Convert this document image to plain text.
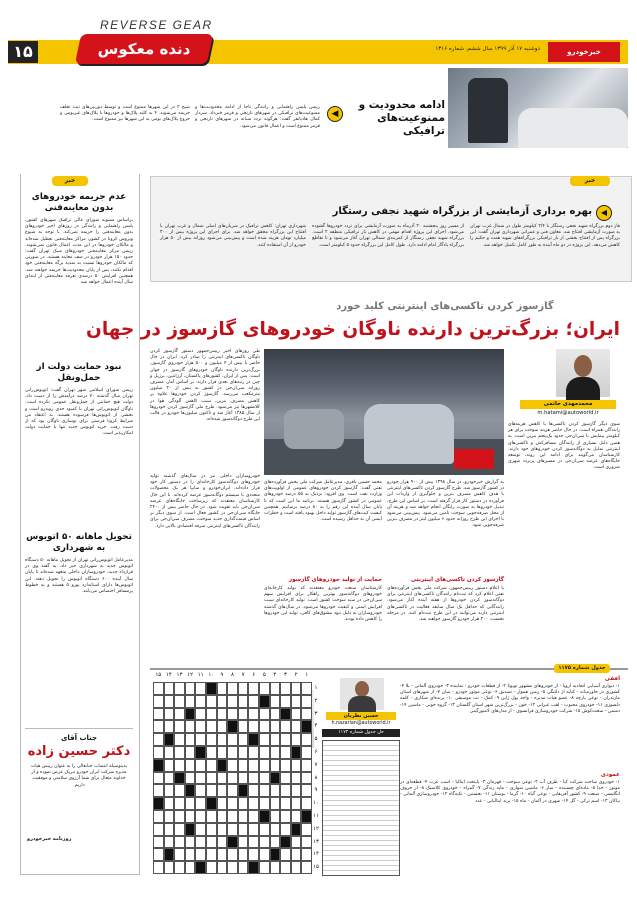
REVERSE GEAR
دنده معکوس
۱۵	دوشنبه ۱۷ آذر ۱۳۹۹ سال ششم. شماره ۱۳۱۶	خبرخودرو
◀
ادامه محدودیت و
ممنوعیت‌های ترافیکی
رییس پلیس راهنمایی و رانندگی ناجا از ادامه محدودیت‌ها و ممنوعیت‌های ترافیکی در شهرهای نارنجی و قرمز خبرداد. سردار کمال هادیانفر گفت: هرگونه تردد شبانه در شهرهای نارنجی و قرمز ممنوع است و اعمال قانون می‌شود.
صبح ۲ در این شهرها ممنوع است و توسط دوربین‌های ثبت تخلف جریمه می‌شوند. ۴ به کلیه پلاک‌ها و خودروها با پلاک‌های غیربومی و خروج پلاک‌های بومی به این شهرها نیز ممنوع است.
خبر
عدم جریمه خودروهای بدون معاینه‌فنی
براساس مصوبه شورای عالی ترافیک شهرهای کشور، پلیس راهنمایی و رانندگی در روزهای اخیر خودروهای بدون معاینه‌فنی را جریمه نمی‌کند. با توجه به شیوع ویروس کرونا در کشور، مراکز معاینه‌فنی تعطیل شده‌اند و مالکان خودروها در این مدت اعمال قانون نمی‌شوند. رییس مرکز معاینه‌فنی خودروهای سبک تهران گفت: حدود ۱۵۰ هزار خودرو در صف معاینه هستند. در صورتی که مالکان خودروها نسبت به تمدید برگه معاینه‌فنی خود اقدام نکنند، پس از پایان محدودیت‌ها جریمه خواهند شد. همچنین افزایش ۵۰ درصدی تعرفه معاینه‌فنی از ابتدای سال آینده اعمال خواهد شد.
نبود حمایت دولت از حمل‌ونقل
رییس شورای اسلامی شهر تهران گفت: اتوبوس‌رانی تهران سال گذشته ۷۰ درصد درآمدش را از دست داد. دولت هیچ حمایتی از حمل‌ونقل عمومی نکرده است. ناوگان اتوبوس‌رانی تهران با کمبود جدی روبه‌رو است و بخشی از اتوبوس‌ها فرسوده هستند. به اعتقاد من شرایط کرونا فرصتی برای نوسازی ناوگان بود که از دست رفت. خرید اتوبوس جدید تنها با حمایت دولت امکان‌پذیر است.
تحویل ماهانه ۵۰ اتوبوس به شهرداری
مدیرعامل اتوبوس‌رانی تهران از تحویل ماهانه ۵۰ دستگاه اتوبوس جدید به شهرداری خبر داد. به گفته وی در قرارداد جدید، خودروسازان داخلی متعهد شده‌اند تا پایان سال آینده ۶۰۰ دستگاه اتوبوس را تحویل دهند. این اتوبوس‌ها دارای استاندارد یورو ۵ هستند و به خطوط پرمسافر اختصاص می‌یابند.
جناب آقای
دکتر حسین زاده
بدینوسیله انتصاب جنابعالی را به عنوان رییس هیات مدیره شرکت ایران خودرو تبریک عرض نموده و از خداوند متعال برای شما آرزوی سلامتی و موفقیت داریم.
روزنامه خبرخودرو
خبر
◀
بهره برداری آزمایشی از بزرگراه شهید نجفی رستگار
فاز دوم بزرگراه شهید نجفی رستگار با ۲/۴ کیلومتر طول در شمال غرب تهران به صورت آزمایشی افتتاح شد. معاون فنی و عمرانی شهرداری تهران گفت: این بزرگراه پس از افتتاح بخشی از بار ترافیکی بزرگراه‌های شهید همت و حکیم را کاهش می‌دهد. این پروژه در دو ماه آینده به طور کامل تکمیل خواهد شد.
از مسیر روز پنجشنبه ۲۰ آذرماه به صورت آزمایشی برای تردد خودروها گشوده می‌شود. اجرای این پروژه اقدام مهمی در کاهش بار ترافیکی منطقه ۲ است. بزرگراه شهید نجفی رستگار از کمربندی شمالی تهران آغاز می‌شود و تا تقاطع بزرگراه یادگار امام ادامه دارد. طول کامل این بزرگراه حدود ۵ کیلومتر است.
شهرداری تهران: کاهش ترافیک در شریان‌های اصلی شمال و غرب تهران با افتتاح این بزرگراه محقق خواهد شد. برای اجرای این پروژه بیش از ۳۰۰ میلیارد تومان هزینه شده است و پیش‌بینی می‌شود روزانه بیش از ۵۰ هزار خودرو از آن استفاده کنند.
گازسوز کردن تاکسی‌های اینترنتی کلید خورد
ایران؛ بزرگ‌ترین دارنده ناوگان خودروهای گازسوز در جهان
محمدمهدی حاتمی
m.hatami@autoworld.ir
سوی دیگر گازسوز کردن تاکسی‌ها با کاهش هزینه‌های رانندگان همراه است. در حال حاضر هزینه سوخت برای هر کیلومتر پیمایش با سی‌ان‌جی حدود یک‌پنجم بنزین است. به همین دلیل بسیاری از رانندگان مسافرکش و تاکسی‌های اینترنتی تمایل به دوگانه‌سوز کردن خودروهای خود دارند. کارشناسان می‌گویند برای ادامه این روند، توسعه جایگاه‌های عرضه سی‌ان‌جی در مسیرهای پرتردد شهری ضروری است.
طی روزهای اخیر رییس‌جمهور دستور گازسوز کردن ناوگان تاکسی‌های اینترنتی را صادر کرد. ایران در حال حاضر با بیش از ۴ میلیون و ۵۰۰ هزار خودروی گازسوز، بزرگ‌ترین دارنده ناوگان خودروهای گازسوز در جهان است. پس از ایران، کشورهای پاکستان، آرژانتین، برزیل و چین در رتبه‌های بعدی قرار دارند. بر اساس آمار، مصرف روزانه سی‌ان‌جی در کشور به بیش از ۲۰ میلیون مترمکعب می‌رسد. گازسوز کردن خودروها علاوه بر کاهش مصرف بنزین، سبب کاهش آلودگی هوا در کلانشهرها نیز می‌شود. طرح ملی گازسوز کردن خودروها از سال ۱۳۸۵ آغاز شد و تاکنون میلیون‌ها خودرو در قالب این طرح دوگانه‌سوز شده‌اند.
خودروسازان داخلی نیز در سال‌های گذشته تولید خودروهای دوگانه‌سوز کارخانه‌ای را در دستور کار خود قرار داده‌اند. ایران‌خودرو و سایپا هر یک محصولات متعددی با سیستم دوگانه‌سوز عرضه کرده‌اند. با این حال کارشناسان معتقدند که زیرساخت جایگاه‌های عرضه سی‌ان‌جی باید تقویت شود. در حال حاضر بیش از ۲۴۰۰ جایگاه سی‌ان‌جی در کشور فعال است. از سوی دیگر بر اساس قیمت‌گذاری جدید سوخت، مصرف سی‌ان‌جی برای رانندگان تاکسی‌های اینترنتی صرفه اقتصادی بالایی دارد.
به گزارش خبرخودرو، در سال ۱۳۹۸ بیش از ۹۰۰ هزار خودرو در کشور گازسوز شد. طرح گازسوز کردن تاکسی‌های اینترنتی با هدف کاهش مصرف بنزین و جلوگیری از واردات این فرآورده در دستور کار قرار گرفته است. بر اساس این طرح، تبدیل خودروها به صورت رایگان انجام خواهد شد و هزینه آن از محل صرفه‌جویی سوخت تامین می‌شود. پیش‌بینی می‌شود با اجرای این طرح روزانه حدود ۶ میلیون لیتر در مصرف بنزین صرفه‌جویی شود.
محمد حسین باقری، مدیرعامل شرکت ملی پخش فرآورده‌های نفتی گفت: گازسوز کردن خودروهای عمومی از اولویت‌های وزارت نفت است. وی افزود: نزدیک به ۵۵ درصد خودروهای عمومی در کشور گازسوز هستند. برنامه ما این است که تا پایان سال آینده این رقم را به ۸۰ درصد برسانیم. همچنین کیفیت کیت‌های گازسوز تولید داخل بهبود یافته است و خطرات ایمنی آن به حداقل رسیده است.
گازسوز کردن تاکسی‌های اینترنتی
با اعلام دستور رییس‌جمهور، شرکت ملی پخش فرآورده‌های نفتی اعلام کرد که ثبت‌نام رانندگان تاکسی‌های اینترنتی برای دوگانه‌سوز کردن خودروها از هفته آینده آغاز می‌شود. رانندگانی که حداقل یک سال سابقه فعالیت در تاکسی‌های اینترنتی دارند می‌توانند در این طرح ثبت‌نام کنند. در مرحله نخست، ۲۰۰ هزار خودرو گازسوز خواهند شد.
حمایت از تولید خودروهای گازسوز
کارشناسان صنعت خودرو معتقدند که تولید کارخانه‌ای خودروهای دوگانه‌سوز بهترین راهکار برای افزایش سهم سی‌ان‌جی در سبد سوخت کشور است. تولید کارخانه‌ای سبب افزایش ایمنی و کیفیت خودروها می‌شود. در سال‌های گذشته خودروسازان به دلیل نبود مشوق‌های کافی، تولید این خودروها را کاهش داده بودند.
جدول شماره ۱۱۷۵
افقی
۱- دیواری آسیایی اتحادیه اروپا - از خودروهای مشهور تویوتا ۲- از قطعات خودرو - نماینده ۳- خودروی آلمانی - بلا ۴- کشوری در خاورمیانه - کنایه از دلتنگی ۵- زمین هموار - تصدیق ۶- نوعی موتور خودرو - بنیان ۷- از شهرهای استان مازندران - نوعی پارچه ۸- عضو هیات مدیره - واحد پول ژاپن ۹- کمک - نت موسیقی ۱۰- پرنده‌ای شکاری - کلمه دلسوزی ۱۱- خودروی محبوب - لقب عبرانی ۱۲- خون - بزرگ‌ترین شهر استان گلستان ۱۳- گروه خونی - ماشین ۱۴- دشمن - سخت‌کوش ۱۵- شرکت خودروسازی فرانسوی - از مدل‌های لامبورگینی
عمودی
۱- خودروی ساخت شرکت کیا - ظرف آب ۲- نوعی سوخت - قهرمان ۳- پایتخت ایتالیا - اسب عرب ۴- قطعه‌ای در موتور - خدا ۵- ماده‌ای چسبنده - ساز ۶- ماشین سواری - مایه زندگی ۷- گمراه - خودروی کلاسیک ۸- از حروف انگلیسی - صنعت ۹- کشور آفریقایی - نوعی گیاه ۱۰- گرما - بوستان ۱۱- نخستین - تکیه‌گاه ۱۲- خودروسازی آلمانی - نیاکان ۱۳- اسم ترکی - گل ۱۴- شهری در آلمان - ماه ۱۵- برند ایتالیایی - عدد
حسین نظربان
h.nazarian@autoworld.ir
حل جدول شماره ۱۱۷۴
۱
۲
۳
۴
۵
۶
۷
۸
۹
۱۰
۱۱
۱۲
۱۳
۱۴
۱۵
۱
۲
۳
۴
۵
۶
۷
۸
۹
۱۰
۱۱
۱۲
۱۳
۱۴
۱۵
